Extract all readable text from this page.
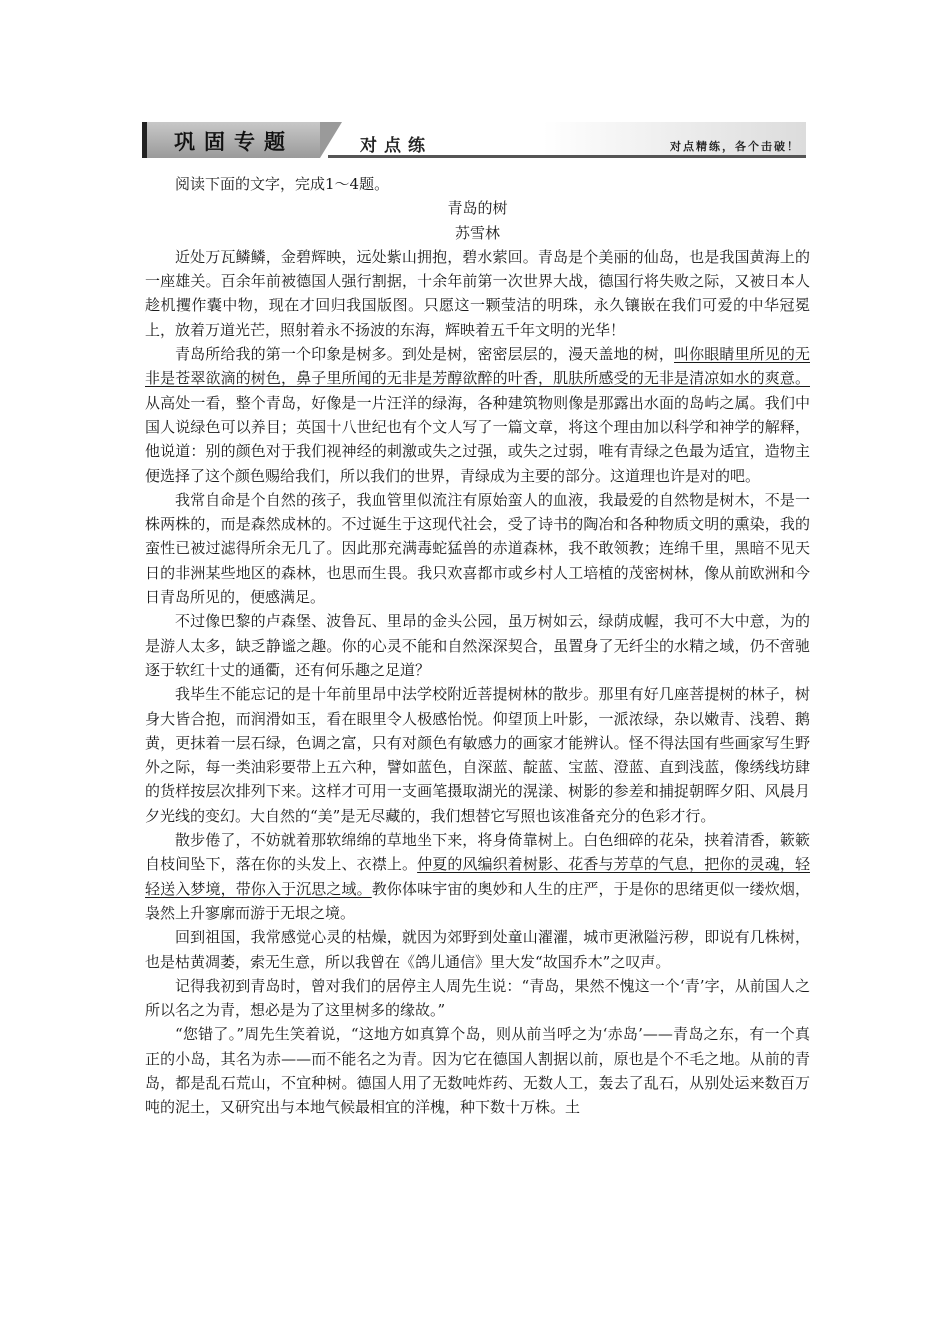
对点精练，各个击破！
巩固专题	对点练

阅读下面的文字，完成1～4题。

青岛的树

苏雪林

近处万瓦鳞鳞，金碧辉映，远处紫山拥抱，碧水萦回。青岛是个美丽的仙岛，也是我国黄海上的一座雄关。百余年前被德国人强行割据，十余年前第一次世界大战，德国行将失败之际，又被日本人趁机攫作囊中物，现在才回归我国版图。只愿这一颗莹洁的明珠，永久镶嵌在我们可爱的中华冠冕上，放着万道光芒，照射着永不扬波的东海，辉映着五千年文明的光华！

青岛所给我的第一个印象是树多。到处是树，密密层层的，漫天盖地的树，叫你眼睛里所见的无非是苍翠欲滴的树色，鼻子里所闻的无非是芳醇欲醉的叶香，肌肤所感受的无非是清凉如水的爽意。从高处一看，整个青岛，好像是一片汪洋的绿海，各种建筑物则像是那露出水面的岛屿之属。我们中国人说绿色可以养目；英国十八世纪也有个文人写了一篇文章，将这个理由加以科学和神学的解释，他说道：别的颜色对于我们视神经的刺激或失之过强，或失之过弱，唯有青绿之色最为适宜，造物主便选择了这个颜色赐给我们，所以我们的世界，青绿成为主要的部分。这道理也许是对的吧。

我常自命是个自然的孩子，我血管里似流注有原始蛮人的血液，我最爱的自然物是树木，不是一株两株的，而是森然成林的。不过诞生于这现代社会，受了诗书的陶冶和各种物质文明的熏染，我的蛮性已被过滤得所余无几了。因此那充满毒蛇猛兽的赤道森林，我不敢领教；连绵千里，黑暗不见天日的非洲某些地区的森林，也思而生畏。我只欢喜都市或乡村人工培植的茂密树林，像从前欧洲和今日青岛所见的，便感满足。

不过像巴黎的卢森堡、波鲁瓦、里昂的金头公园，虽万树如云，绿荫成幄，我可不大中意，为的是游人太多，缺乏静谧之趣。你的心灵不能和自然深深契合，虽置身了无纤尘的水精之域，仍不啻驰逐于软红十丈的通衢，还有何乐趣之足道？

我毕生不能忘记的是十年前里昂中法学校附近菩提树林的散步。那里有好几座菩提树的林子，树身大皆合抱，而润滑如玉，看在眼里令人极感怡悦。仰望顶上叶影，一派浓绿，杂以嫩青、浅碧、鹅黄，更抹着一层石绿，色调之富，只有对颜色有敏感力的画家才能辨认。怪不得法国有些画家写生野外之际，每一类油彩要带上五六种，譬如蓝色，自深蓝、靛蓝、宝蓝、澄蓝、直到浅蓝，像绣线坊肆的货样按层次排列下来。这样才可用一支画笔摄取湖光的滉漾、树影的参差和捕捉朝晖夕阳、风晨月夕光线的变幻。大自然的“美”是无尽藏的，我们想替它写照也该准备充分的色彩才行。

散步倦了，不妨就着那软绵绵的草地坐下来，将身倚靠树上。白色细碎的花朵，挟着清香，簌簌自枝间坠下，落在你的头发上、衣襟上。仲夏的风编织着树影、花香与芳草的气息，把你的灵魂，轻轻送入梦境，带你入于沉思之域。教你体味宇宙的奥妙和人生的庄严，于是你的思绪更似一缕炊烟，袅然上升寥廓而游于无垠之境。

回到祖国，我常感觉心灵的枯燥，就因为郊野到处童山濯濯，城市更湫隘污秽，即说有几株树，也是枯黄凋萎，索无生意，所以我曾在《鸽儿通信》里大发“故国乔木”之叹声。

记得我初到青岛时，曾对我们的居停主人周先生说：“青岛，果然不愧这一个‘青’字，从前国人之所以名之为青，想必是为了这里树多的缘故。”

“您错了。”周先生笑着说，“这地方如真算个岛，则从前当呼之为‘赤岛’——青岛之东，有一个真正的小岛，其名为赤——而不能名之为青。因为它在德国人割据以前，原也是个不毛之地。从前的青岛，都是乱石荒山，不宜种树。德国人用了无数吨炸药、无数人工，轰去了乱石，从别处运来数百万吨的泥土，又研究出与本地气候最相宜的洋槐，种下数十万株。土
